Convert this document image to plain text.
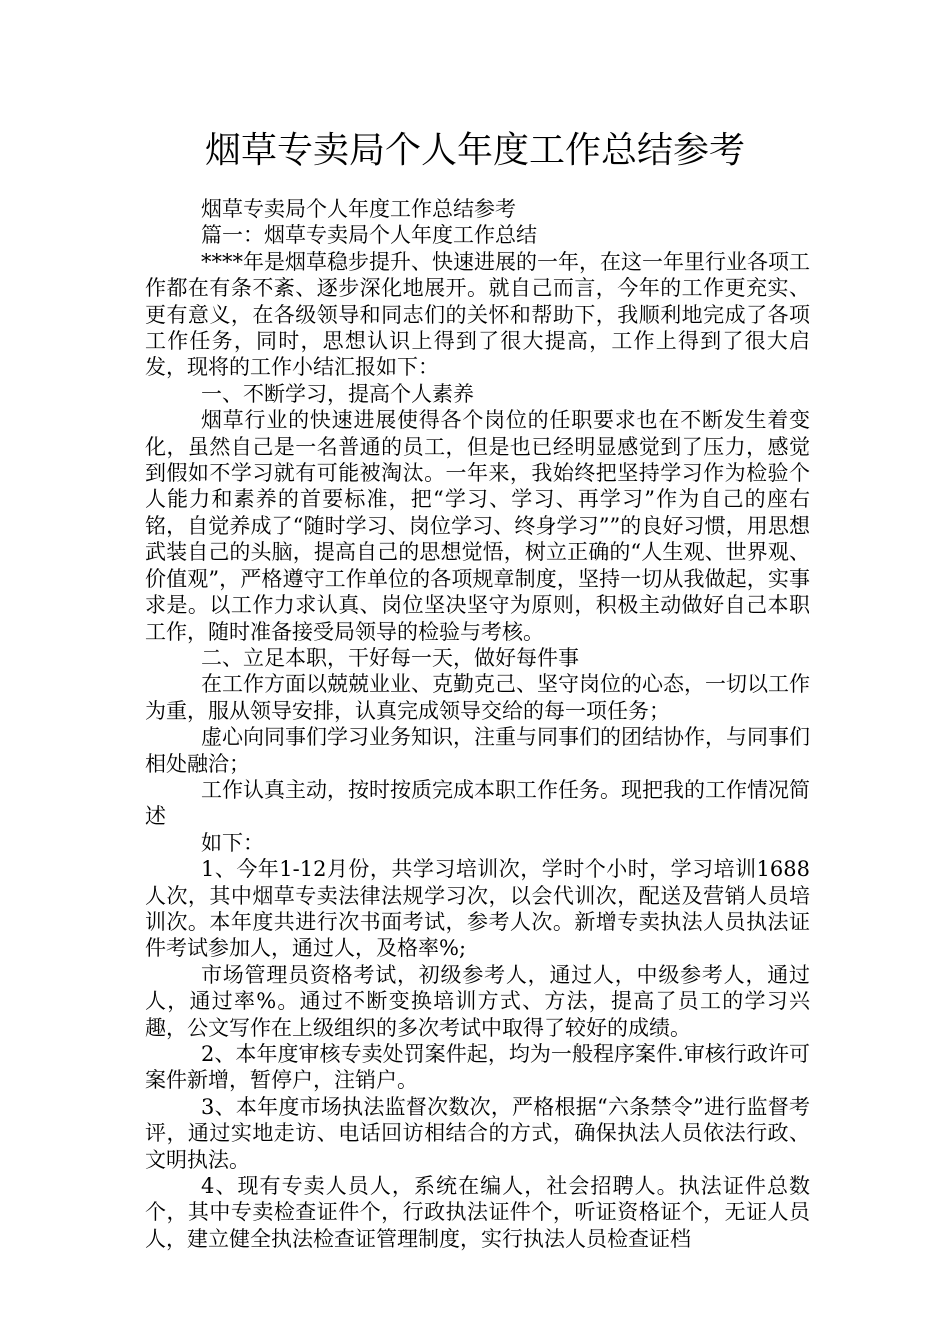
烟草专卖局个人年度工作总结参考

烟草专卖局个人年度工作总结参考

篇一：烟草专卖局个人年度工作总结

****年是烟草稳步提升、快速进展的一年，在这一年里行业各项工作都在有条不紊、逐步深化地展开。就自己而言，今年的工作更充实、更有意义，在各级领导和同志们的关怀和帮助下，我顺利地完成了各项工作任务，同时，思想认识上得到了很大提高，工作上得到了很大启发，现将的工作小结汇报如下：

一、不断学习，提高个人素养

烟草行业的快速进展使得各个岗位的任职要求也在不断发生着变化，虽然自己是一名普通的员工，但是也已经明显感觉到了压力，感觉到假如不学习就有可能被淘汰。一年来，我始终把坚持学习作为检验个人能力和素养的首要标准，把“学习、学习、再学习”作为自己的座右铭，自觉养成了“随时学习、岗位学习、终身学习””的良好习惯，用思想武装自己的头脑，提高自己的思想觉悟，树立正确的“人生观、世界观、价值观”，严格遵守工作单位的各项规章制度，坚持一切从我做起，实事求是。以工作力求认真、岗位坚决坚守为原则，积极主动做好自己本职工作，随时准备接受局领导的检验与考核。

二、立足本职，干好每一天，做好每件事

在工作方面以兢兢业业、克勤克己、坚守岗位的心态，一切以工作为重，服从领导安排，认真完成领导交给的每一项任务；

虚心向同事们学习业务知识，注重与同事们的团结协作，与同事们相处融洽；

工作认真主动，按时按质完成本职工作任务。现把我的工作情况简述

如下：

1、今年1-12月份，共学习培训次，学时个小时，学习培训1688人次，其中烟草专卖法律法规学习次，以会代训次，配送及营销人员培训次。本年度共进行次书面考试，参考人次。新增专卖执法人员执法证件考试参加人，通过人，及格率%;

市场管理员资格考试，初级参考人，通过人，中级参考人，通过人，通过率%。通过不断变换培训方式、方法，提高了员工的学习兴趣，公文写作在上级组织的多次考试中取得了较好的成绩。

2、本年度审核专卖处罚案件起，均为一般程序案件.审核行政许可案件新增，暂停户，注销户。

3、本年度市场执法监督次数次，严格根据“六条禁令”进行监督考评，通过实地走访、电话回访相结合的方式，确保执法人员依法行政、文明执法。

4、现有专卖人员人，系统在编人，社会招聘人。执法证件总数个，其中专卖检查证件个，行政执法证件个，听证资格证个，无证人员人，建立健全执法检查证管理制度，实行执法人员检查证档
